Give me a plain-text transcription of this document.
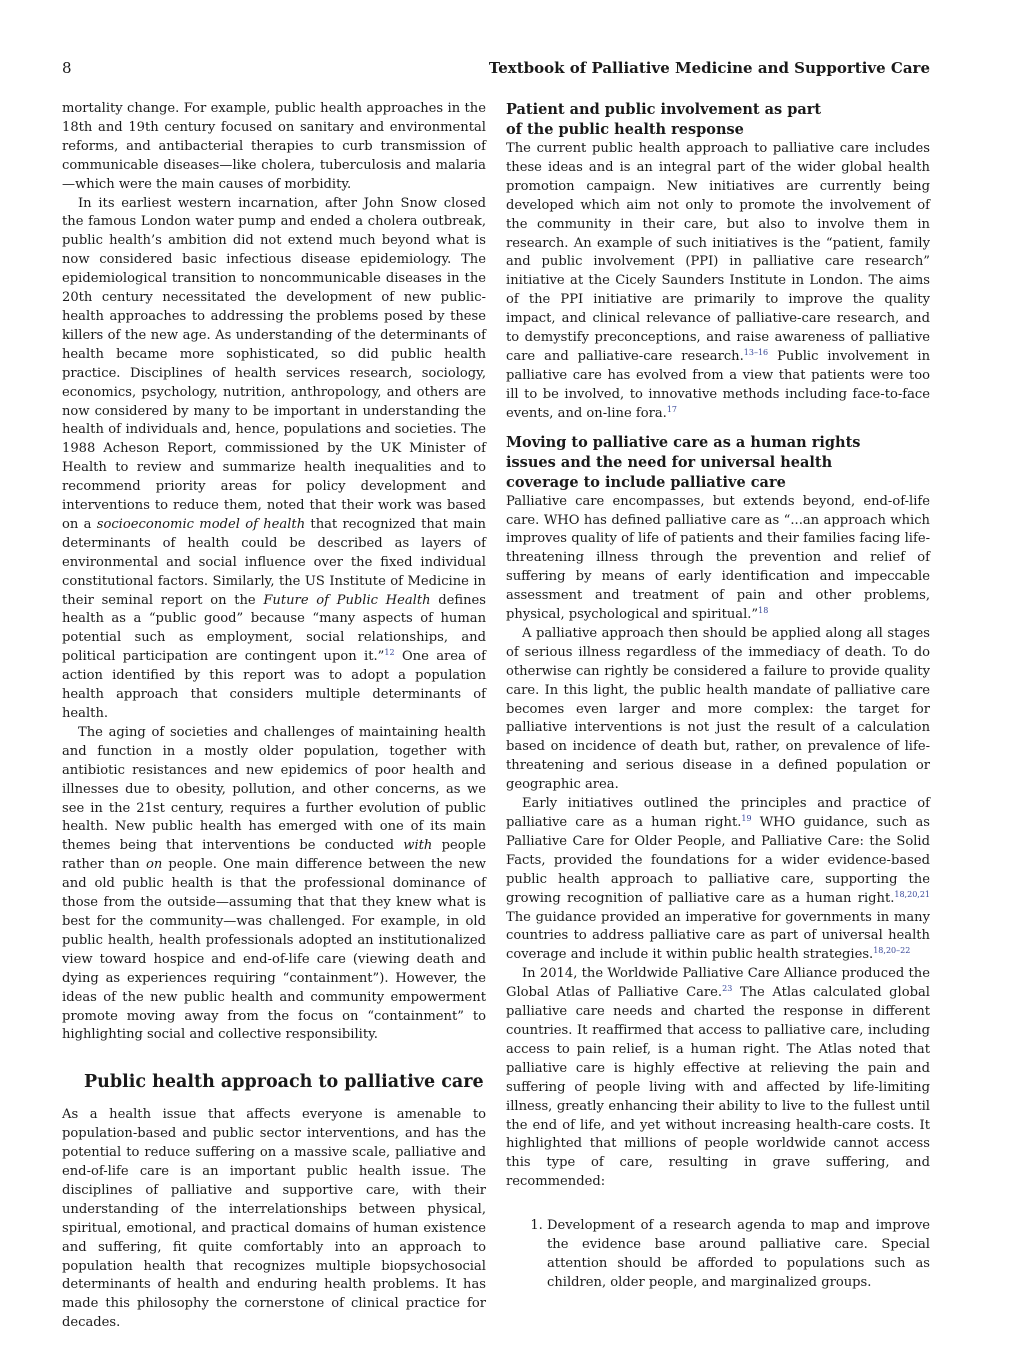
8	Textbook of Palliative Medicine and Supportive Care

mortality change. For example, public health approaches in the 18th and 19th century focused on sanitary and environmental reforms, and antibacterial therapies to curb transmission of communicable diseases—like cholera, tuberculosis and malaria—which were the main causes of morbidity.

In its earliest western incarnation, after John Snow closed the famous London water pump and ended a cholera outbreak, public health’s ambition did not extend much beyond what is now considered basic infectious disease epidemiology. The epidemiological transition to noncommunicable diseases in the 20th century necessitated the development of new public-health approaches to addressing the problems posed by these killers of the new age. As understanding of the determinants of health became more sophisticated, so did public health practice. Disciplines of health services research, sociology, economics, psychology, nutrition, anthropology, and others are now considered by many to be important in understanding the health of individuals and, hence, populations and societies. The 1988 Acheson Report, commissioned by the UK Minister of Health to review and summarize health inequalities and to recommend priority areas for policy development and interventions to reduce them, noted that their work was based on a socioeconomic model of health that recognized that main determinants of health could be described as layers of environmental and social influence over the fixed individual constitutional factors. Similarly, the US Institute of Medicine in their seminal report on the Future of Public Health defines health as a “public good” because “many aspects of human potential such as employment, social relationships, and political participation are contingent upon it.”$^{12}$ One area of action identified by this report was to adopt a population health approach that considers multiple determinants of health.

The aging of societies and challenges of maintaining health and function in a mostly older population, together with antibiotic resistances and new epidemics of poor health and illnesses due to obesity, pollution, and other concerns, as we see in the 21st century, requires a further evolution of public health. New public health has emerged with one of its main themes being that interventions be conducted with people rather than on people. One main difference between the new and old public health is that the professional dominance of those from the outside—assuming that that they knew what is best for the community—was challenged. For example, in old public health, health professionals adopted an institutionalized view toward hospice and end-of-life care (viewing death and dying as experiences requiring “containment”). However, the ideas of the new public health and community empowerment promote moving away from the focus on “containment” to highlighting social and collective responsibility.

Public health approach to palliative care

As a health issue that affects everyone is amenable to population-based and public sector interventions, and has the potential to reduce suffering on a massive scale, palliative and end-of-life care is an important public health issue. The disciplines of palliative and supportive care, with their understanding of the interrelationships between physical, spiritual, emotional, and practical domains of human existence and suffering, fit quite comfortably into an approach to population health that recognizes multiple biopsychosocial determinants of health and enduring health problems. It has made this philosophy the cornerstone of clinical practice for decades.

Patient and public involvement as part
of the public health response

The current public health approach to palliative care includes these ideas and is an integral part of the wider global health promotion campaign. New initiatives are currently being developed which aim not only to promote the involvement of the community in their care, but also to involve them in research. An example of such initiatives is the “patient, family and public involvement (PPI) in palliative care research” initiative at the Cicely Saunders Institute in London. The aims of the PPI initiative are primarily to improve the quality impact, and clinical relevance of palliative-care research, and to demystify preconceptions, and raise awareness of palliative care and palliative-care research.$^{13-16}$ Public involvement in palliative care has evolved from a view that patients were too ill to be involved, to innovative methods including face-to-face events, and on-line fora.$^{17}$

Moving to palliative care as a human rights
issues and the need for universal health
coverage to include palliative care

Palliative care encompasses, but extends beyond, end-of-life care. WHO has defined palliative care as “...an approach which improves quality of life of patients and their families facing life-threatening illness through the prevention and relief of suffering by means of early identification and impeccable assessment and treatment of pain and other problems, physical, psychological and spiritual.”$^{18}$

A palliative approach then should be applied along all stages of serious illness regardless of the immediacy of death. To do otherwise can rightly be considered a failure to provide quality care. In this light, the public health mandate of palliative care becomes even larger and more complex: the target for palliative interventions is not just the result of a calculation based on incidence of death but, rather, on prevalence of life-threatening and serious disease in a defined population or geographic area.

Early initiatives outlined the principles and practice of palliative care as a human right.$^{19}$ WHO guidance, such as Palliative Care for Older People, and Palliative Care: the Solid Facts, provided the foundations for a wider evidence-based public health approach to palliative care, supporting the growing recognition of palliative care as a human right.$^{18,20,21}$ The guidance provided an imperative for governments in many countries to address palliative care as part of universal health coverage and include it within public health strategies.$^{18,20-22}$

In 2014, the Worldwide Palliative Care Alliance produced the Global Atlas of Palliative Care.$^{23}$ The Atlas calculated global palliative care needs and charted the response in different countries. It reaffirmed that access to palliative care, including access to pain relief, is a human right. The Atlas noted that palliative care is highly effective at relieving the pain and suffering of people living with and affected by life-limiting illness, greatly enhancing their ability to live to the fullest until the end of life, and yet without increasing health-care costs. It highlighted that millions of people worldwide cannot access this type of care, resulting in grave suffering, and recommended:

1. Development of a research agenda to map and improve the evidence base around palliative care. Special attention should be afforded to populations such as children, older people, and marginalized groups.
